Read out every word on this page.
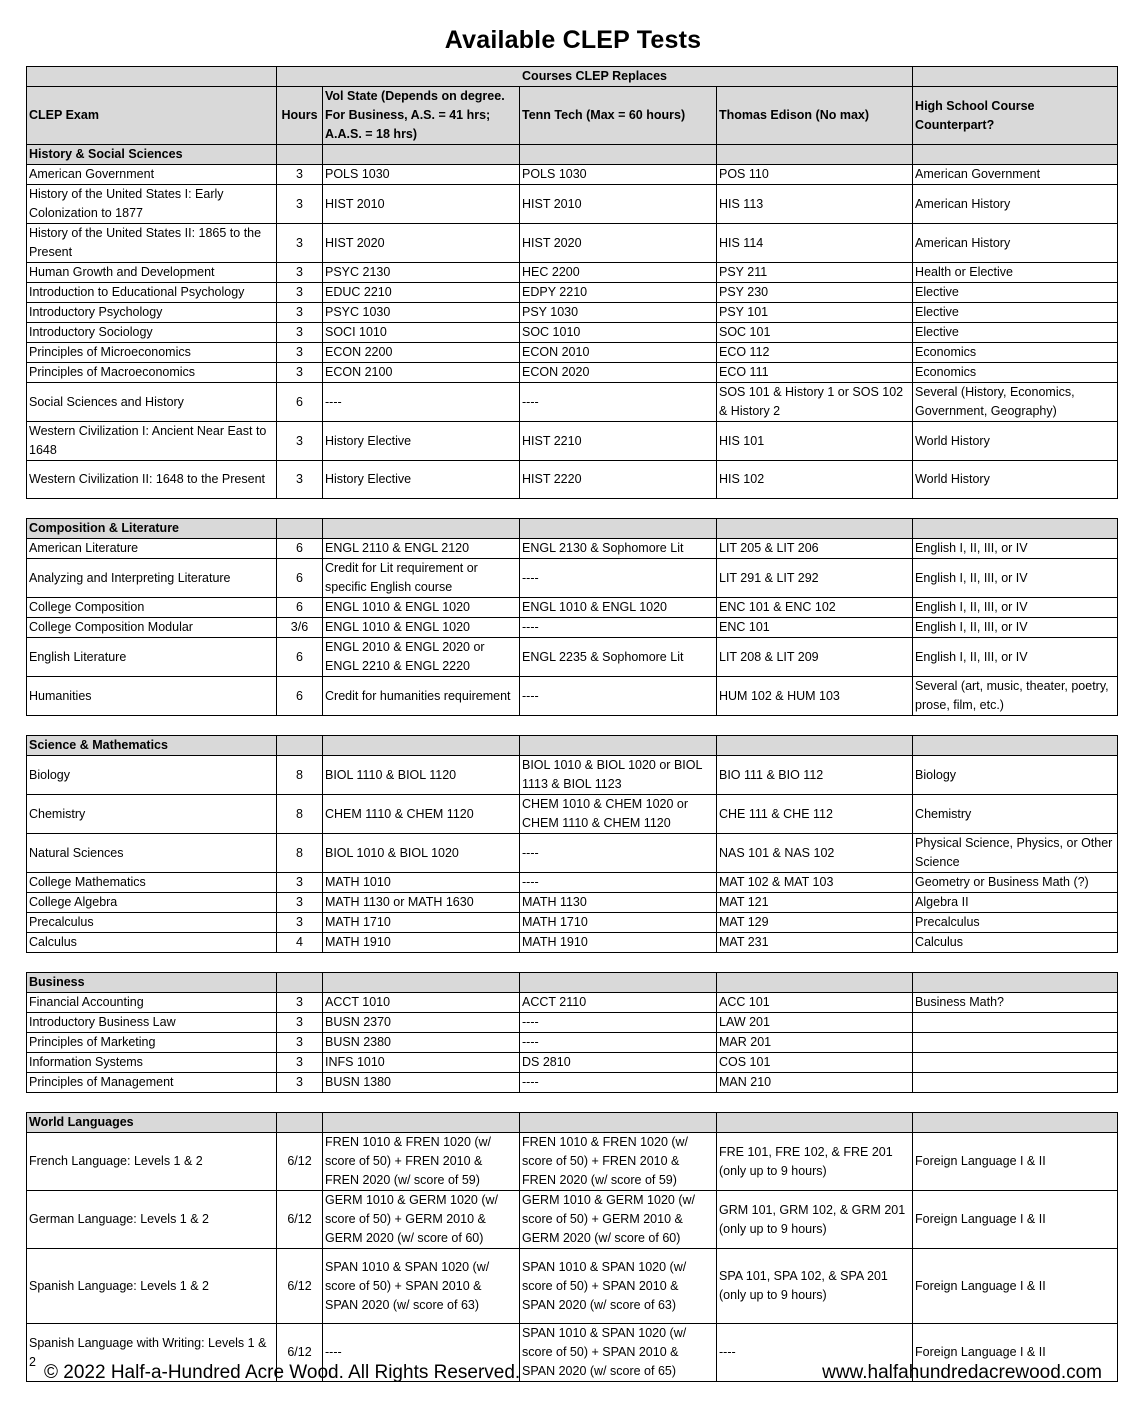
Available CLEP Tests
	Courses CLEP Replaces				
CLEP Exam	Hours	Vol State (Depends on degree. For Business, A.S. = 41 hrs; A.A.S. = 18 hrs)	Tenn Tech (Max = 60 hours)	Thomas Edison (No max)	High School Course Counterpart?
History & Social Sciences					
American Government	3	POLS 1030	POLS 1030	POS 110	American Government
History of the United States I: Early Colonization to 1877	3	HIST 2010	HIST 2010	HIS 113	American History
History of the United States II: 1865 to the Present	3	HIST 2020	HIST 2020	HIS 114	American History
Human Growth and Development	3	PSYC 2130	HEC 2200	PSY 211	Health or Elective
Introduction to Educational Psychology	3	EDUC 2210	EDPY 2210	PSY 230	Elective
Introductory Psychology	3	PSYC 1030	PSY 1030	PSY 101	Elective
Introductory Sociology	3	SOCI 1010	SOC 1010	SOC 101	Elective
Principles of Microeconomics	3	ECON 2200	ECON 2010	ECO 112	Economics
Principles of Macroeconomics	3	ECON 2100	ECON 2020	ECO 111	Economics
Social Sciences and History	6	----	----	SOS 101 & History 1 or SOS 102 & History 2	Several (History, Economics, Government, Geography)
Western Civilization I: Ancient Near East to 1648	3	History Elective	HIST 2210	HIS 101	World History
Western Civilization II: 1648 to the Present	3	History Elective	HIST 2220	HIS 102	World History

Composition & Literature					
American Literature	6	ENGL 2110 & ENGL 2120	ENGL 2130 & Sophomore Lit	LIT 205 & LIT 206	English I, II, III, or IV
Analyzing and Interpreting Literature	6	Credit for Lit requirement or specific English course	----	LIT 291 & LIT 292	English I, II, III, or IV
College Composition	6	ENGL 1010 & ENGL 1020	ENGL 1010 & ENGL 1020	ENC 101 & ENC 102	English I, II, III, or IV
College Composition Modular	3/6	ENGL 1010 & ENGL 1020	----	ENC 101	English I, II, III, or IV
English Literature	6	ENGL 2010 & ENGL 2020 or ENGL 2210 & ENGL 2220	ENGL 2235 & Sophomore Lit	LIT 208 & LIT 209	English I, II, III, or IV
Humanities	6	Credit for humanities requirement	----	HUM 102 & HUM 103	Several (art, music, theater, poetry, prose, film, etc.)

Science & Mathematics					
Biology	8	BIOL 1110 & BIOL 1120	BIOL 1010 & BIOL 1020 or BIOL 1113 & BIOL 1123	BIO 111 & BIO 112	Biology
Chemistry	8	CHEM 1110 & CHEM 1120	CHEM 1010 & CHEM 1020 or CHEM 1110 & CHEM 1120	CHE 111 & CHE 112	Chemistry
Natural Sciences	8	BIOL 1010 & BIOL 1020	----	NAS 101 & NAS 102	Physical Science, Physics, or Other Science
College Mathematics	3	MATH 1010	----	MAT 102 & MAT 103	Geometry or Business Math (?)
College Algebra	3	MATH 1130 or MATH 1630	MATH 1130	MAT 121	Algebra II
Precalculus	3	MATH 1710	MATH 1710	MAT 129	Precalculus
Calculus	4	MATH 1910	MATH 1910	MAT 231	Calculus

Business					
Financial Accounting	3	ACCT 1010	ACCT 2110	ACC 101	Business Math?
Introductory Business Law	3	BUSN 2370	----	LAW 201	
Principles of Marketing	3	BUSN 2380	----	MAR 201	
Information Systems	3	INFS 1010	DS 2810	COS 101	
Principles of Management	3	BUSN 1380	----	MAN 210	

World Languages					
French Language: Levels 1 & 2	6/12	FREN 1010 & FREN 1020 (w/ score of 50) + FREN 2010 & FREN 2020 (w/ score of 59)	FREN 1010 & FREN 1020 (w/ score of 50) + FREN 2010 & FREN 2020 (w/ score of 59)	FRE 101, FRE 102, & FRE 201 (only up to 9 hours)	Foreign Language I & II
German Language: Levels 1 & 2	6/12	GERM 1010 & GERM 1020 (w/ score of 50) + GERM 2010 & GERM 2020 (w/ score of 60)	GERM 1010 & GERM 1020 (w/ score of 50) + GERM 2010 & GERM 2020 (w/ score of 60)	GRM 101, GRM 102, & GRM 201 (only up to 9 hours)	Foreign Language I & II
Spanish Language: Levels 1 & 2	6/12	SPAN 1010 & SPAN 1020 (w/ score of 50) + SPAN 2010 & SPAN 2020 (w/ score of 63)	SPAN 1010 & SPAN 1020 (w/ score of 50) + SPAN 2010 & SPAN 2020 (w/ score of 63)	SPA 101, SPA 102, & SPA 201 (only up to 9 hours)	Foreign Language I & II
Spanish Language with Writing: Levels 1 & 2	6/12	----	SPAN 1010 & SPAN 1020 (w/ score of 50) + SPAN 2010 & SPAN 2020 (w/ score of 65)	----	Foreign Language I & II
© 2022 Half-a-Hundred Acre Wood. All Rights Reserved.	www.halfahundredacrewood.com
